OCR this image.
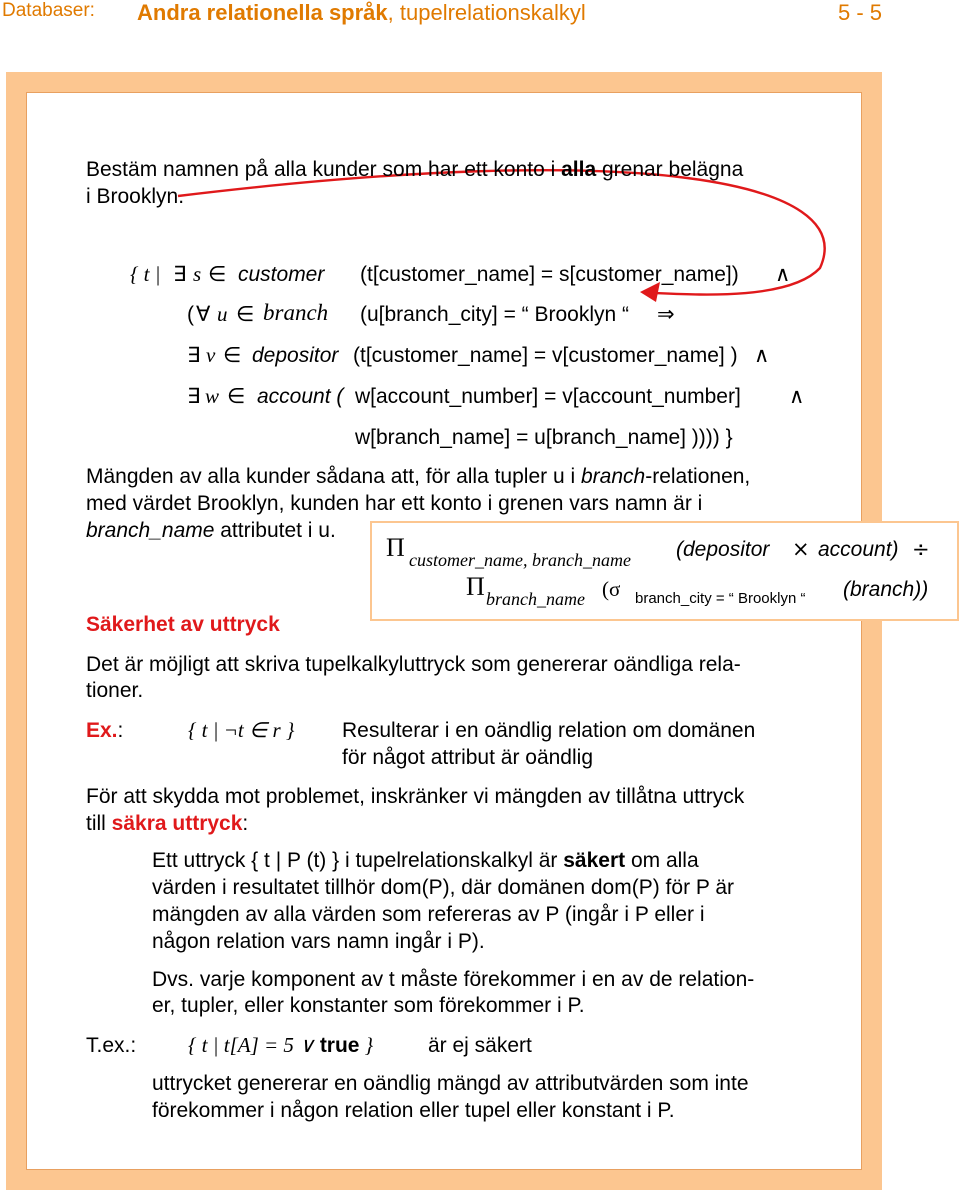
Databaser: Andra relationella språk, tupelrelationskalkyl	5 - 5
Bestäm namnen på alla kunder som har ett konto i alla grenar belägna
i Brooklyn.
{ t | ∃ s ∈ customer (t[customer_name] = s[customer_name]) ∧
( ∀ u ∈ branch (u[branch_city] = “ Brooklyn “ ⇒
∃ v ∈ depositor (t[customer_name] = v[customer_name] ) ∧
∃ w ∈ account ( w[account_number] = v[account_number] ∧
w[branch_name] = u[branch_name] )))) }
Mängden av alla kunder sådana att, för alla tupler u i branch-relationen,
med värdet Brooklyn, kunden har ett konto i grenen vars namn är i
branch_name attributet i u.
Π customer_name, branch_name (depositor × account) ÷
Π branch_name (σ branch_city = “ Brooklyn “ (branch))
Säkerhet av uttryck
Det är möjligt att skriva tupelkalkyluttryck som genererar oändliga rela-
tioner.
Ex.:	{ t | ¬t ∈ r } Resulterar i en oändlig relation om domänen
för något attribut är oändlig
För att skydda mot problemet, inskränker vi mängden av tillåtna uttryck
till säkra uttryck:
Ett uttryck { t | P (t) } i tupelrelationskalkyl är säkert om alla
värden i resultatet tillhör dom(P), där domänen dom(P) för P är
mängden av alla värden som refereras av P (ingår i P eller i
någon relation vars namn ingår i P).
Dvs. varje komponent av t måste förekommer i en av de relation-
er, tupler, eller konstanter som förekommer i P.
T.ex.: { t | t[A] = 5 ∨ true }	är ej säkert
uttrycket genererar en oändlig mängd av attributvärden som inte
förekommer i någon relation eller tupel eller konstant i P.
